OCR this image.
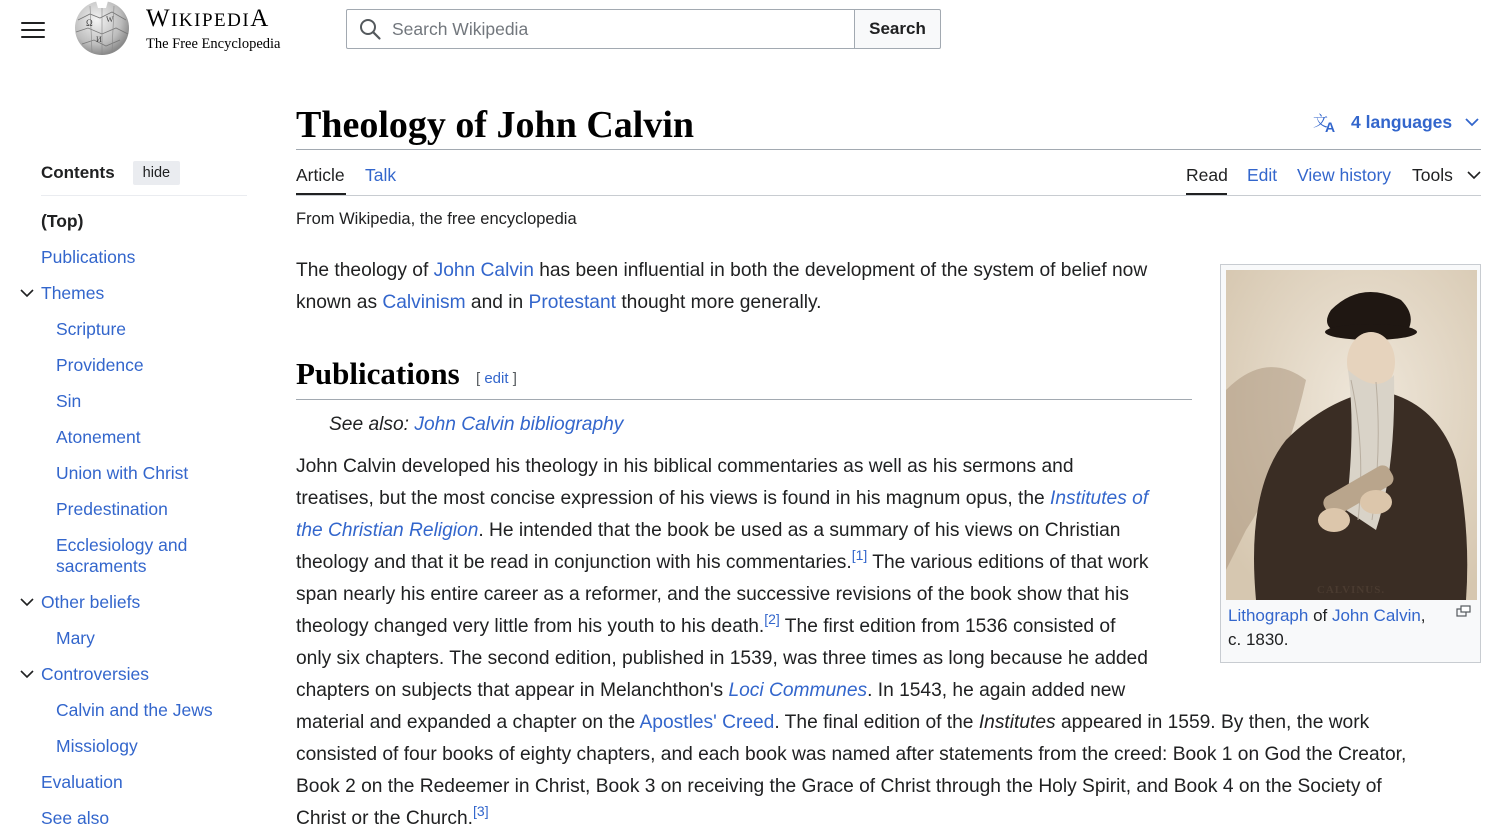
Ω W
И
WIKIPEDIA
The Free Encyclopedia
Search Wikipedia
Search
Contents	hide
(Top)
Publications
Themes
Scripture
Providence
Sin
Atonement
Union with Christ
Predestination
Ecclesiology and sacraments
Other beliefs
Mary
Controversies
Calvin and the Jews
Missiology
Evaluation
See also
Theology of John Calvin	文
A 4 languages
Article Talk	Read Edit View history Tools
From Wikipedia, the free encyclopedia
The theology of John Calvin has been influential in both the development of the system of belief now
known as Calvinism and in Protestant thought more generally.
Publications [ edit ]
See also: John Calvin bibliography
John Calvin developed his theology in his biblical commentaries as well as his sermons and
treatises, but the most concise expression of his views is found in his magnum opus, the Institutes of
the Christian Religion. He intended that the book be used as a summary of his views on Christian
theology and that it be read in conjunction with his commentaries.[1] The various editions of that work
span nearly his entire career as a reformer, and the successive revisions of the book show that his
theology changed very little from his youth to his death.[2] The first edition from 1536 consisted of
only six chapters. The second edition, published in 1539, was three times as long because he added
chapters on subjects that appear in Melanchthon's Loci Communes. In 1543, he again added new
material and expanded a chapter on the Apostles' Creed. The final edition of the Institutes appeared in 1559. By then, the work
consisted of four books of eighty chapters, and each book was named after statements from the creed: Book 1 on God the Creator,
Book 2 on the Redeemer in Christ, Book 3 on receiving the Grace of Christ through the Holy Spirit, and Book 4 on the Society of
Christ or the Church.[3]
CALVINUS.
Lithograph of John Calvin,
c. 1830.
